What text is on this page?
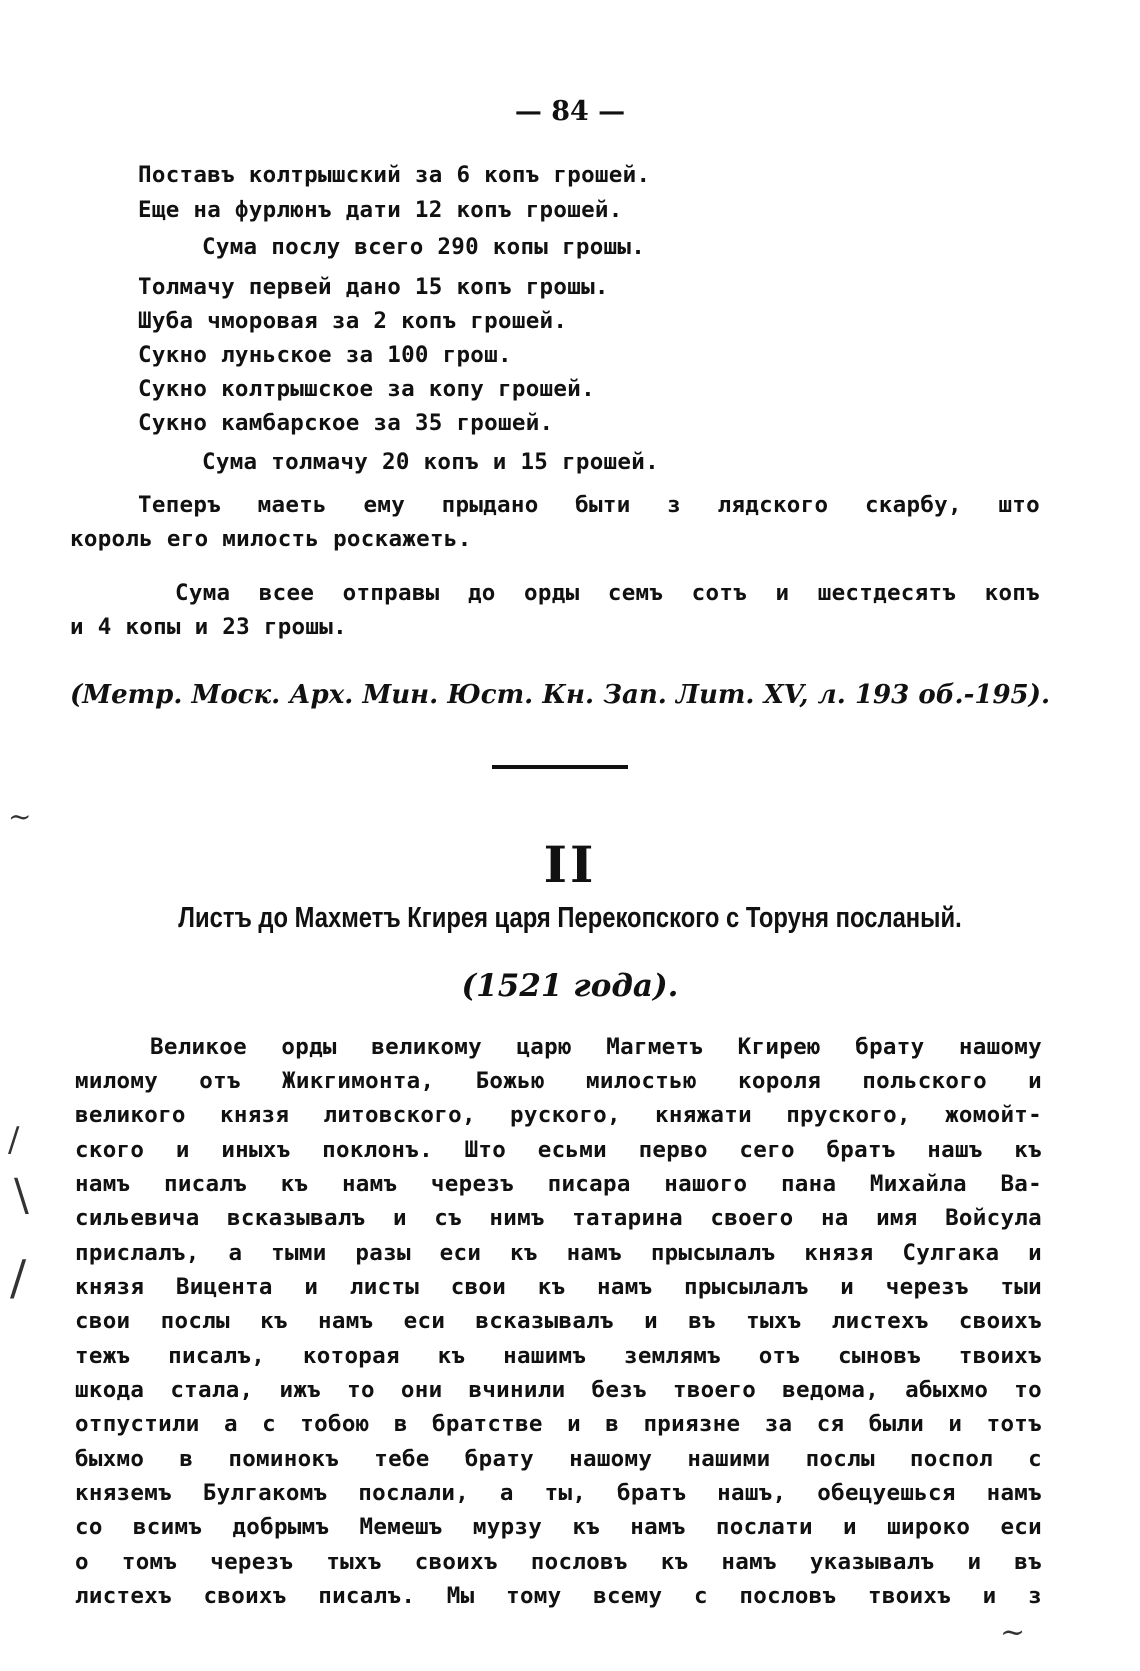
— 84 —
Поставъ колтрышский за 6 копъ грошей.
Еще на фурлюнъ дати 12 копъ грошей.
Сума послу всего 290 копы грошы.
Толмачу первей дано 15 копъ грошы.
Шуба чморовая за 2 копъ грошей.
Сукно луньское за 100 грош.
Сукно колтрышское за копу грошей.
Сукно камбарское за 35 грошей.
Сума толмачу 20 копъ и 15 грошей.
Теперъ маеть ему прыдано быти з лядского скарбу, што
король его милость роскажеть.
Сума всее отправы до орды семъ сотъ и шестдесятъ копъ
и 4 копы и 23 грошы.
(Метр. Моск. Арх. Мин. Юст. Кн. Зап. Лит. XV, л. 193 об.-195).
II
Листъ до Махметъ Кгирея царя Перекопского с Торуня посланый.
(1521 года).
Великое орды великому царю Магметъ Кгирею брату нашому
милому отъ Жикгимонта, Божью милостью короля польского и
великого князя литовского, руского, княжати пруского, жомойт-
ского и иныхъ поклонъ. Што есьми перво сего братъ нашъ къ
намъ писалъ къ намъ черезъ писара нашого пана Михайла Ва-
сильевича вскaзывалъ и съ нимъ татарина своего на имя Войсула
прислалъ, а тыми разы еси къ намъ прысылалъ князя Сулгака и
князя Вицента и листы свои къ намъ прысылалъ и черезъ тыи
свои послы къ намъ еси вскaзывалъ и въ тыхъ листехъ своихъ
тежъ писалъ, которая къ нашимъ землямъ отъ сыновъ твоихъ
шкода стала, ижъ то они вчинили безъ твоего ведома, абыхмо то
отпустили а с тобою в братстве и в приязне за ся были и тотъ
быхмо в поминокъ тебе брату нашому нашими послы поспол с
княземъ Булгакомъ послали, а ты, братъ нашъ, обецуешься намъ
со всимъ добрымъ Мемешъ мурзу къ намъ послати и широко еси
о томъ черезъ тыхъ своихъ пословъ къ намъ указывалъ и въ
листехъ своихъ писалъ. Мы тому всему с пословъ твоихъ и з
/
\
/
~
~
